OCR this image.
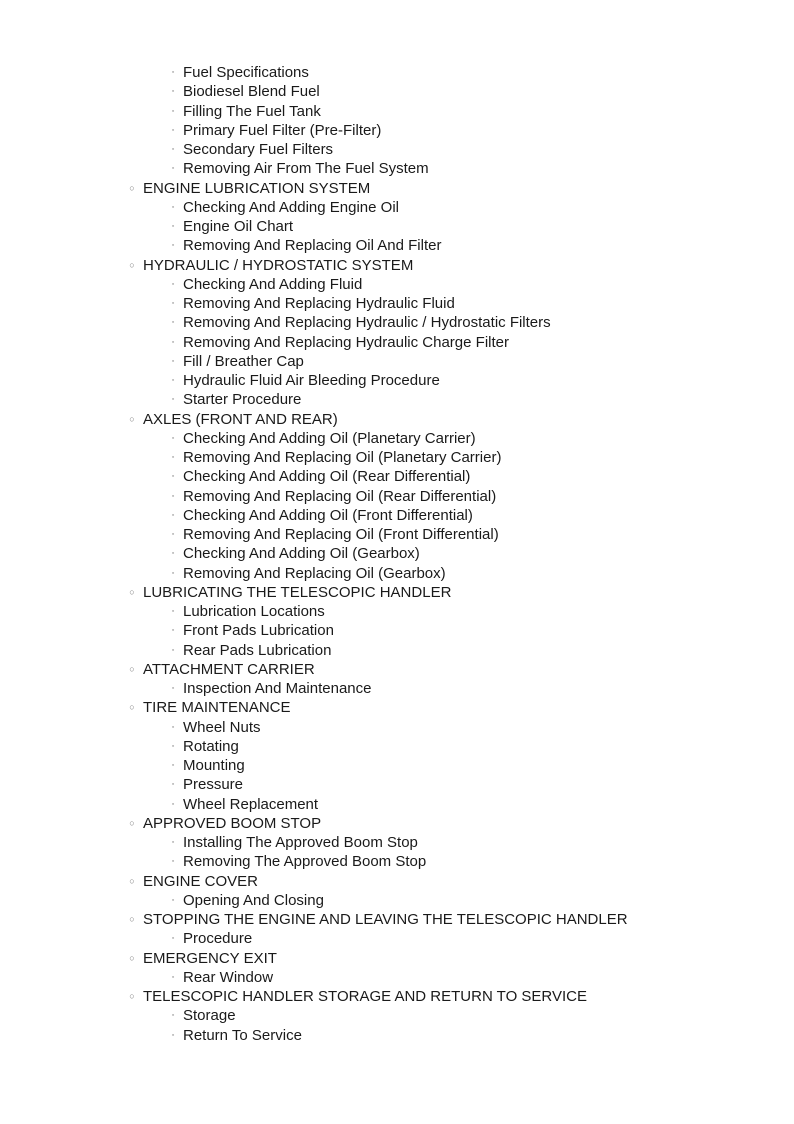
▫ Fuel Specifications
▫ Biodiesel Blend Fuel
▫ Filling The Fuel Tank
▫ Primary Fuel Filter (Pre-Filter)
▫ Secondary Fuel Filters
▫ Removing Air From The Fuel System
○ ENGINE LUBRICATION SYSTEM
▫ Checking And Adding Engine Oil
▫ Engine Oil Chart
▫ Removing And Replacing Oil And Filter
○ HYDRAULIC / HYDROSTATIC SYSTEM
▫ Checking And Adding Fluid
▫ Removing And Replacing Hydraulic Fluid
▫ Removing And Replacing Hydraulic / Hydrostatic Filters
▫ Removing And Replacing Hydraulic Charge Filter
▫ Fill / Breather Cap
▫ Hydraulic Fluid Air Bleeding Procedure
▫ Starter Procedure
○ AXLES (FRONT AND REAR)
▫ Checking And Adding Oil (Planetary Carrier)
▫ Removing And Replacing Oil (Planetary Carrier)
▫ Checking And Adding Oil (Rear Differential)
▫ Removing And Replacing Oil (Rear Differential)
▫ Checking And Adding Oil (Front Differential)
▫ Removing And Replacing Oil (Front Differential)
▫ Checking And Adding Oil (Gearbox)
▫ Removing And Replacing Oil (Gearbox)
○ LUBRICATING THE TELESCOPIC HANDLER
▫ Lubrication Locations
▫ Front Pads Lubrication
▫ Rear Pads Lubrication
○ ATTACHMENT CARRIER
▫ Inspection And Maintenance
○ TIRE MAINTENANCE
▫ Wheel Nuts
▫ Rotating
▫ Mounting
▫ Pressure
▫ Wheel Replacement
○ APPROVED BOOM STOP
▫ Installing The Approved Boom Stop
▫ Removing The Approved Boom Stop
○ ENGINE COVER
▫ Opening And Closing
○ STOPPING THE ENGINE AND LEAVING THE TELESCOPIC HANDLER
▫ Procedure
○ EMERGENCY EXIT
▫ Rear Window
○ TELESCOPIC HANDLER STORAGE AND RETURN TO SERVICE
▫ Storage
▫ Return To Service
